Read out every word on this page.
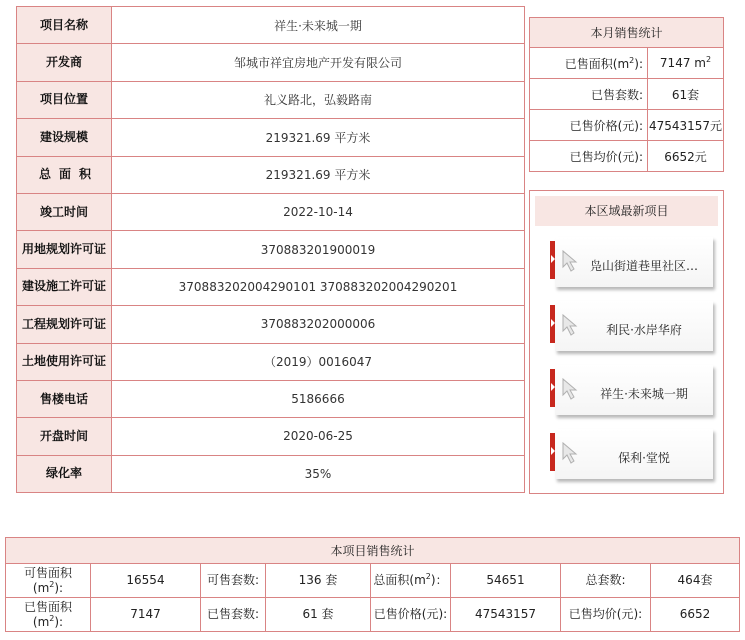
项目名称	祥生·未来城一期
开发商	邹城市祥宜房地产开发有限公司
项目位置	礼义路北，弘毅路南
建设规模	219321.69 平方米
总面积	219321.69 平方米
竣工时间	2022-10-14
用地规划许可证	370883201900019
建设施工许可证	370883202004290101 370883202004290201
工程规划许可证	370883202000006
土地使用许可证	（2019）0016047
售楼电话	5186666
开盘时间	2020-06-25
绿化率	35%
本月销售统计	
已售面积$(m^2)$:	7147 $m^2$
已售套数:	61套
已售价格(元):	47543157元
已售均价(元):	6652元
本区域最新项目
凫山街道巷里社区…
利民·水岸华府
祥生·未来城一期
保利·堂悦
本项目销售统计							
可售面积
$(m^2)$:	16554	可售套数:	136 套	总面积$(m^2)$：	54651	总套数:	464套
已售面积
$(m^2)$:	7147	已售套数:	61 套	已售价格(元):	47543157	已售均价(元):	6652
